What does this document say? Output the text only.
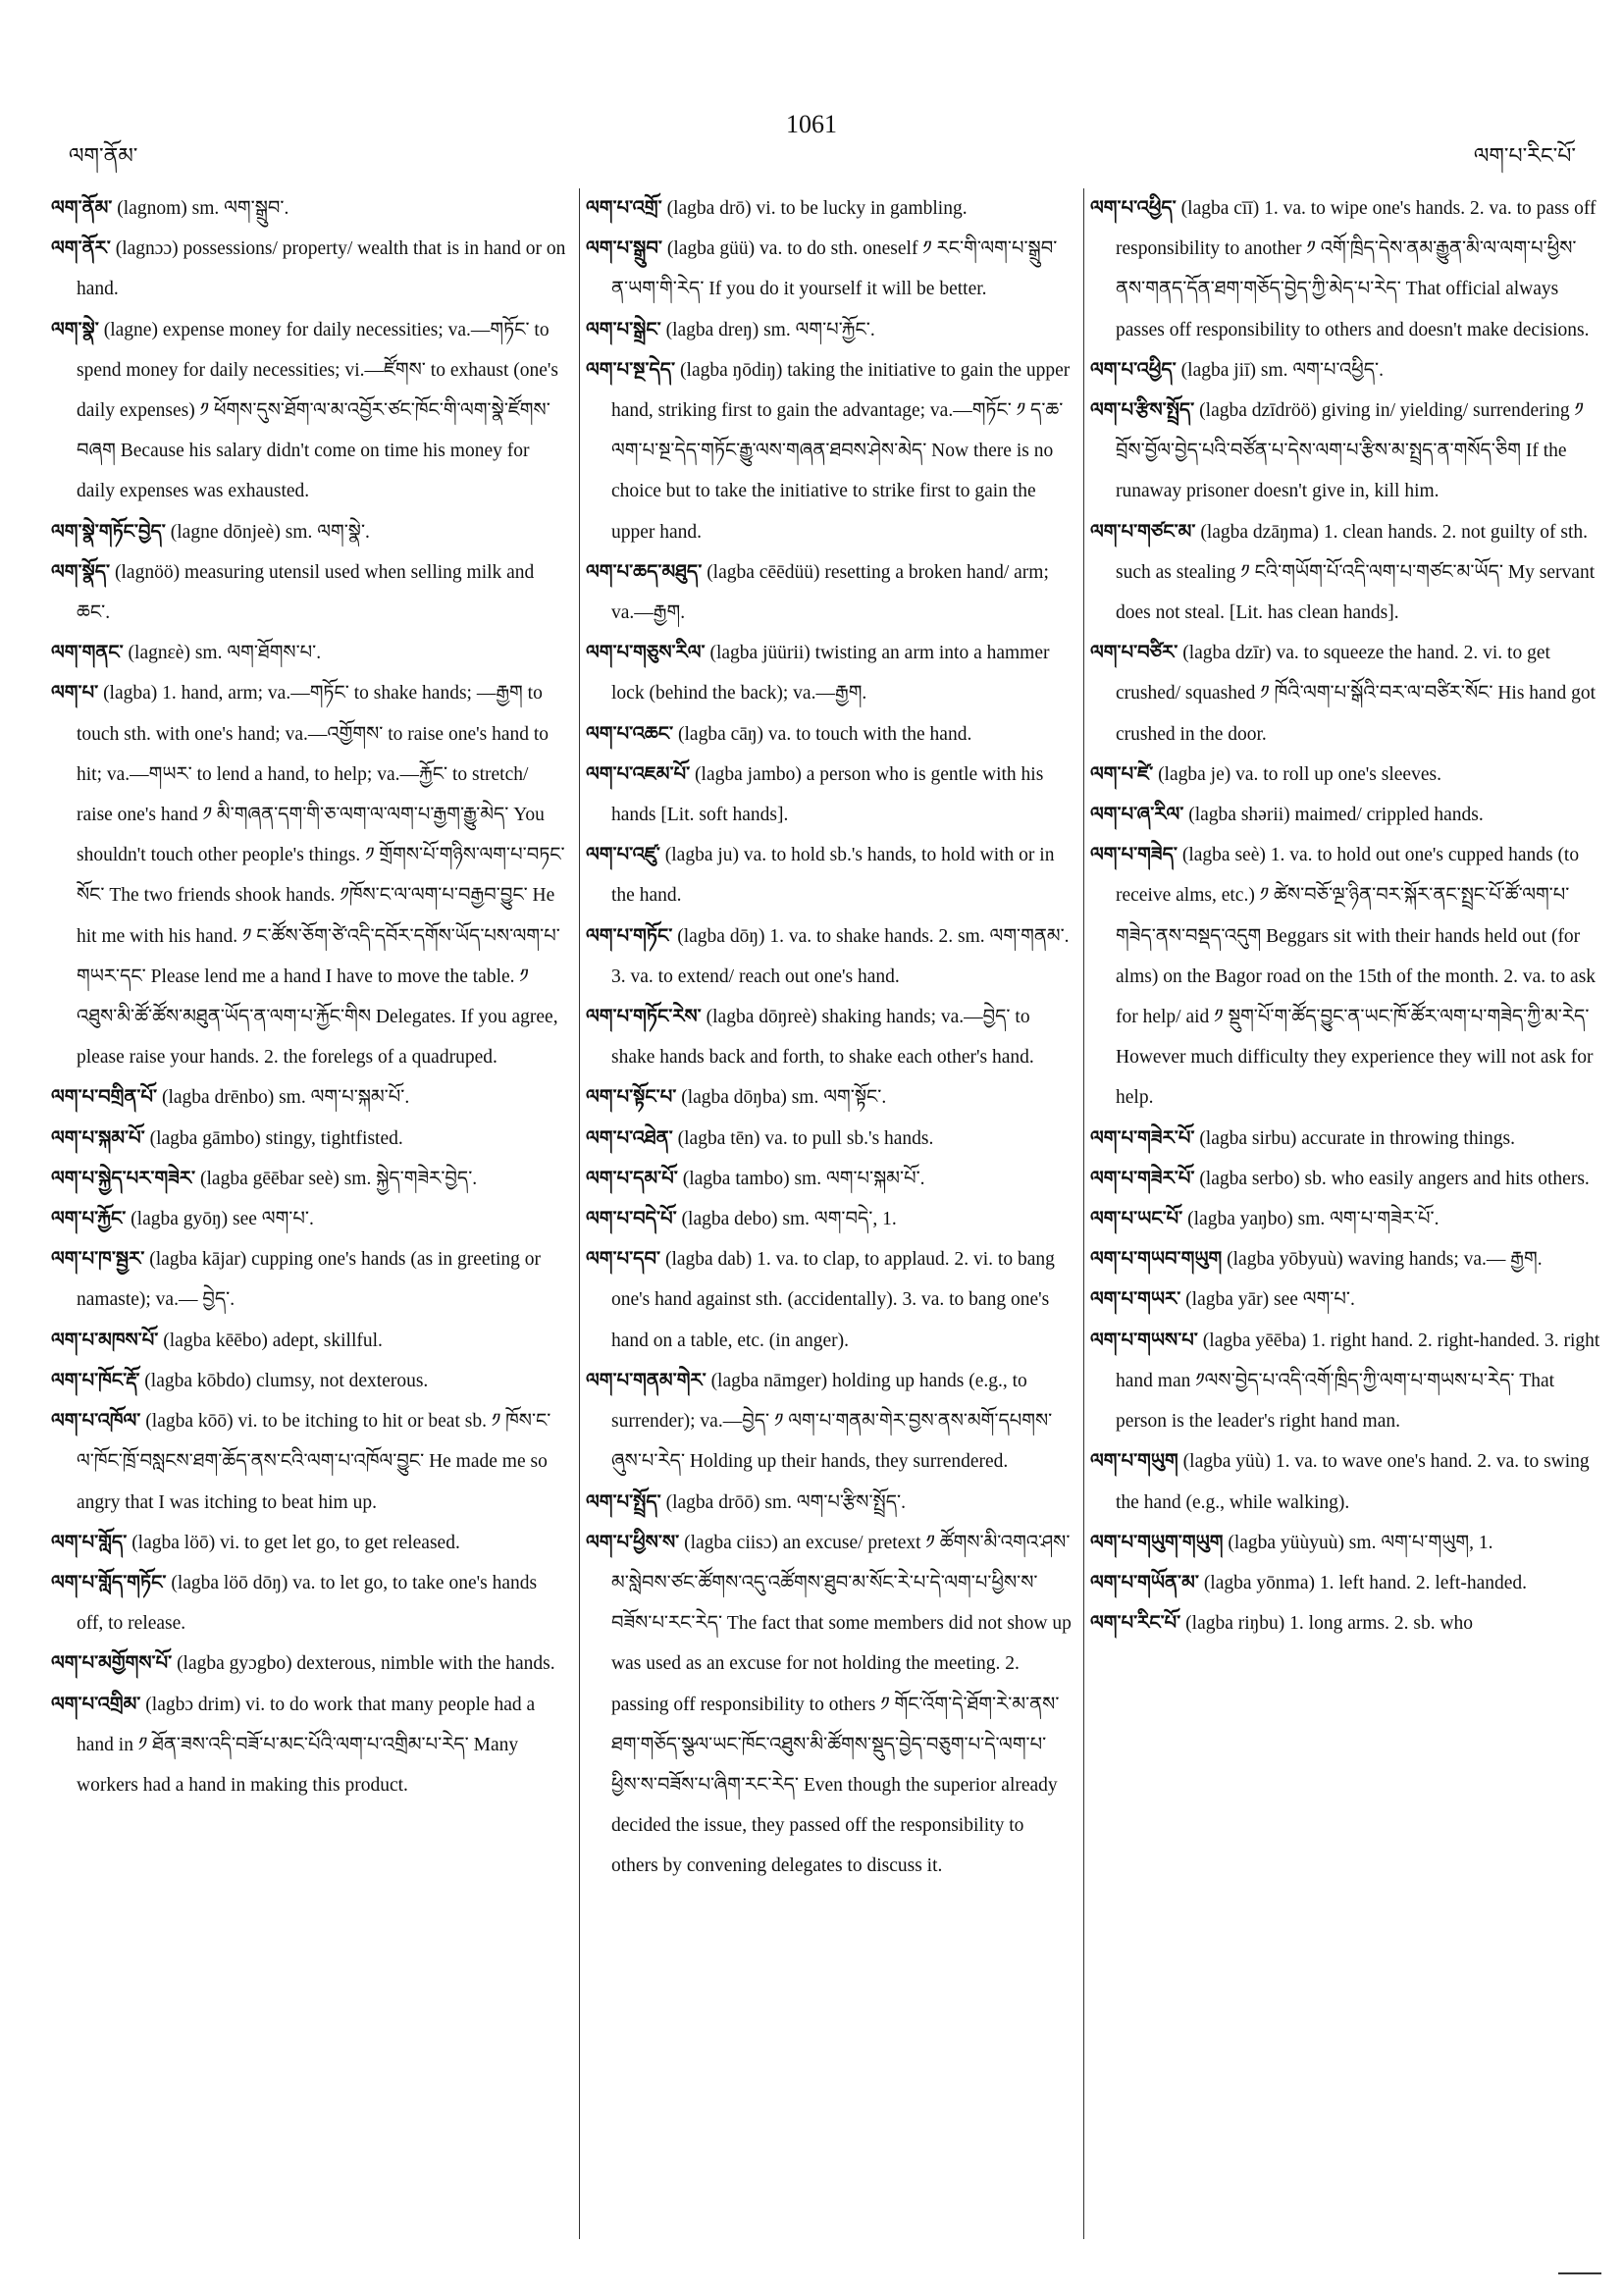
ལག་ནོམ་
1061
ལག་པ་རིང་པོ་

ལག་ནོམ་ (lagnom) sm. ལག་སྒྲུབ་.

ལག་ནོར་ (lagnɔɔ) possessions/ property/ wealth that is in hand or on hand.

ལག་སྣེ་ (lagne) expense money for daily necessities; va.—གཏོང་ to spend money for daily necessities; vi.—ཛོགས་ to exhaust (one's daily expenses) ༡ ཕོགས་དུས་ཐོག་ལ་མ་འབྱོར་ཙང་ཁོང་གི་ལག་སྣེ་ཛོགས་བཞག Because his salary didn't come on time his money for daily expenses was exhausted.

ལག་སྣེ་གཏོང་བྱེད་ (lagne dōnjeè) sm. ལག་སྣེ་.

ལག་སྣོད་ (lagnöö) measuring utensil used when selling milk and ཆང་.

ལག་གནང་ (lagnεè) sm. ལག་ཐོགས་པ་.

ལག་པ་ (lagba) 1. hand, arm; va.—གཏོང་ to shake hands; —རྒྱག to touch sth. with one's hand; va.—འགྱོགས་ to raise one's hand to hit; va.—གཡར་ to lend a hand, to help; va.—རྐྱོང་ to stretch/ raise one's hand ༡ མི་གཞན་དག་གི་ཅ་ལག་ལ་ལག་པ་རྒྱག་རྒྱུ་མེད་ You shouldn't touch other people's things. ༡ གྲོགས་པོ་གཉིས་ལག་པ་བཏང་སོང་ The two friends shook hands. ༡ཁོས་ང་ལ་ལག་པ་བརྒྱབ་བྱུང་ He hit me with his hand. ༡ ང་ཚོས་ཅོག་ཙེ་འདི་དབོར་དགོས་ཡོད་པས་ལག་པ་གཡར་དང་ Please lend me a hand I have to move the table. ༡ འཐུས་མི་ཚོ་ཚོས་མཐུན་ཡོད་ན་ལག་པ་རྐྱོང་གིས Delegates. If you agree, please raise your hands. 2. the forelegs of a quadruped.

ལག་པ་བགྲིན་པོ་ (lagba drēnbo) sm. ལག་པ་སྐམ་པོ་.

ལག་པ་སྐམ་པོ་ (lagba gāmbo) stingy, tightfisted.

ལག་པ་སྐྱེད་པར་གཟེར་ (lagba gēēbar seè) sm. སྐྱེད་གཟེར་བྱེད་.

ལག་པ་རྐྱོང་ (lagba gyōŋ) see ལག་པ་.

ལག་པ་ཁ་སྦྱར་ (lagba kājar) cupping one's hands (as in greeting or namaste); va.— བྱེད་.

ལག་པ་མཁས་པོ་ (lagba kēēbo) adept, skillful.

ལག་པ་ཁོང་རྡོ་ (lagba kōbdo) clumsy, not dexterous.

ལག་པ་འཁོལ་ (lagba kōō) vi. to be itching to hit or beat sb. ༡ ཁོས་ང་ལ་ཁོང་ཁྲོ་བསླངས་ཐག་ཆོད་ནས་ངའི་ལག་པ་འཁོལ་བྱུང་ He made me so angry that I was itching to beat him up.

ལག་པ་གློད་ (lagba löō) vi. to get let go, to get released.

ལག་པ་གློད་གཏོང་ (lagba löō dōŋ) va. to let go, to take one's hands off, to release.

ལག་པ་མགྱོགས་པོ་ (lagba gyɔgbo) dexterous, nimble with the hands.

ལག་པ་འགྲིམ་ (lagbɔ drim) vi. to do work that many people had a hand in ༡ ཐོན་ཟས་འདི་བཟོ་པ་མང་པོའི་ལག་པ་འགྲིམ་པ་རེད་ Many workers had a hand in making this product.

ལག་པ་འགྲོ་ (lagba drō) vi. to be lucky in gambling.

ལག་པ་སྒྲུབ་ (lagba güü) va. to do sth. oneself ༡ རང་གི་ལག་པ་སྒྲུབ་ན་ཡག་གི་རེད་ If you do it yourself it will be better.

ལག་པ་སྒྲེང་ (lagba dreŋ) sm. ལག་པ་རྐྱོང་.

ལག་པ་སྔ་དེད་ (lagba ŋōdiŋ) taking the initiative to gain the upper hand, striking first to gain the advantage; va.—གཏོང་ ༡ ད་ཆ་ལག་པ་སྔ་དེད་གཏོང་རྒྱུ་ལས་གཞན་ཐབས་ཤེས་མེད་ Now there is no choice but to take the initiative to strike first to gain the upper hand.

ལག་པ་ཆད་མཐུད་ (lagba cēēdüü) resetting a broken hand/ arm; va.—རྒྱག.

ལག་པ་གཅུས་རིལ་ (lagba jüürii) twisting an arm into a hammer lock (behind the back); va.—རྒྱག.

ལག་པ་འཆང་ (lagba cāŋ) va. to touch with the hand.

ལག་པ་འཇམ་པོ་ (lagba jambo) a person who is gentle with his hands [Lit. soft hands].

ལག་པ་འཛུ་ (lagba ju) va. to hold sb.'s hands, to hold with or in the hand.

ལག་པ་གཏོང་ (lagba dōŋ) 1. va. to shake hands. 2. sm. ལག་གནམ་. 3. va. to extend/ reach out one's hand.

ལག་པ་གཏོང་རེས་ (lagba dōŋreè) shaking hands; va.—བྱེད་ to shake hands back and forth, to shake each other's hand.

ལག་པ་སྟོང་པ་ (lagba dōŋba) sm. ལག་སྟོང་.

ལག་པ་འཐེན་ (lagba tēn) va. to pull sb.'s hands.

ལག་པ་དམ་པོ་ (lagba tambo) sm. ལག་པ་སྐམ་པོ་.

ལག་པ་བདེ་པོ་ (lagba debo) sm. ལག་བདེ་, 1.

ལག་པ་དབ་ (lagba dab) 1. va. to clap, to applaud. 2. vi. to bang one's hand against sth. (accidentally). 3. va. to bang one's hand on a table, etc. (in anger).

ལག་པ་གནམ་གེར་ (lagba nāmger) holding up hands (e.g., to surrender); va.—བྱེད་ ༡ ལག་པ་གནམ་གེར་བྱས་ནས་མགོ་དཔགས་ཞུས་པ་རེད་ Holding up their hands, they surrendered.

ལག་པ་སྤྲོད་ (lagba drōō) sm. ལག་པ་རྩིས་སྤྲོད་.

ལག་པ་ཕྱིས་ས་ (lagba ciisɔ) an excuse/ pretext ༡ ཚོགས་མི་འགའ་ཤས་མ་སླེབས་ཙང་ཚོགས་འདུ་འཚོགས་ཐུབ་མ་སོང་རེ་པ་དེ་ལག་པ་ཕྱིས་ས་བཟོས་པ་རང་རེད་ The fact that some members did not show up was used as an excuse for not holding the meeting. 2. passing off responsibility to others ༡ གོང་འོག་དེ་ཐོག་རེ་མ་ནས་ཐག་གཅོད་སྩལ་ཡང་ཁོང་འཐུས་མི་ཚོགས་སྡུད་བྱེད་བཅུག་པ་དེ་ལག་པ་ཕྱིས་ས་བཟོས་པ་ཞིག་རང་རེད་ Even though the superior already decided the issue, they passed off the responsibility to others by convening delegates to discuss it.

ལག་པ་འཕྱིད་ (lagba cīī) 1. va. to wipe one's hands. 2. va. to pass off responsibility to another ༡ འགོ་ཁྲིད་དེས་ནམ་རྒྱུན་མི་ལ་ལག་པ་ཕྱིས་ནས་གནད་དོན་ཐག་གཅོད་བྱེད་ཀྱི་མེད་པ་རེད་ That official always passes off responsibility to others and doesn't make decisions.

ལག་པ་འཕྱིད་ (lagba jiī) sm. ལག་པ་འཕྱིད་.

ལག་པ་རྩིས་སྤྲོད་ (lagba dzīdröö) giving in/ yielding/ surrendering ༡ བྲོས་བྱོལ་བྱེད་པའི་བཙོན་པ་དེས་ལག་པ་རྩིས་མ་སྤྲད་ན་གསོད་ཅིག If the runaway prisoner doesn't give in, kill him.

ལག་པ་གཙང་མ་ (lagba dzāŋma) 1. clean hands. 2. not guilty of sth. such as stealing ༡ ངའི་གཡོག་པོ་འདི་ལག་པ་གཙང་མ་ཡོད་ My servant does not steal. [Lit. has clean hands].

ལག་པ་བཙིར་ (lagba dzīr) va. to squeeze the hand. 2. vi. to get crushed/ squashed ༡ ཁོའི་ལག་པ་སྒོའི་བར་ལ་བཙིར་སོང་ His hand got crushed in the door.

ལག་པ་ཛེ་ (lagba je) va. to roll up one's sleeves.

ལག་པ་ཞ་རིལ་ (lagba shərii) maimed/ crippled hands.

ལག་པ་གཟེད་ (lagba seè) 1. va. to hold out one's cupped hands (to receive alms, etc.) ༡ ཚེས་བཅོ་ལྔ་ཉིན་བར་སྐོར་ནང་སྤྲང་པོ་ཚོ་ལག་པ་གཟེད་ནས་བསྡད་འདུག Beggars sit with their hands held out (for alms) on the Bagor road on the 15th of the month. 2. va. to ask for help/ aid ༡ སྡུག་པོ་ག་ཚོད་བྱུང་ན་ཡང་ཁོ་ཚོར་ལག་པ་གཟེད་ཀྱི་མ་རེད་ However much difficulty they experience they will not ask for help.

ལག་པ་གཟེར་པོ་ (lagba sirbu) accurate in throwing things.

ལག་པ་གཟེར་པོ་ (lagba serbo) sb. who easily angers and hits others.

ལག་པ་ཡང་པོ་ (lagba yaŋbo) sm. ལག་པ་གཟེར་པོ་.

ལག་པ་གཡབ་གཡུག (lagba yōbyuù) waving hands; va.— རྒྱག.

ལག་པ་གཡར་ (lagba yār) see ལག་པ་.

ལག་པ་གཡས་པ་ (lagba yēēba) 1. right hand. 2. right-handed. 3. right hand man ༡ལས་བྱེད་པ་འདི་འགོ་ཁྲིད་ཀྱི་ལག་པ་གཡས་པ་རེད་ That person is the leader's right hand man.

ལག་པ་གཡུག (lagba yüù) 1. va. to wave one's hand. 2. va. to swing the hand (e.g., while walking).

ལག་པ་གཡུག་གཡུག (lagba yüùyuù) sm. ལག་པ་གཡུག, 1.

ལག་པ་གཡོན་མ་ (lagba yōnma) 1. left hand. 2. left-handed.

ལག་པ་རིང་པོ་ (lagba riŋbu) 1. long arms. 2. sb. who
